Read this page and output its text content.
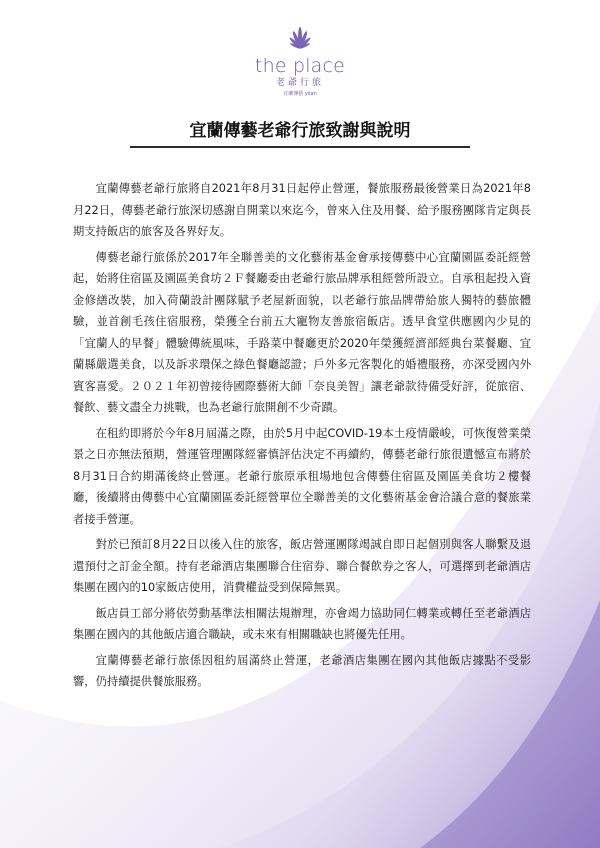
the place
老爺行旅
宜蘭傳藝 yilan
宜蘭傳藝老爺行旅致謝與說明

宜蘭傳藝老爺行旅將自2021年8月31日起停止營運，餐旅服務最後營業日為2021年8月22日，傳藝老爺行旅深切感謝自開業以來迄今，曾來入住及用餐、給予服務團隊肯定與長期支持飯店的旅客及各界好友。

傳藝老爺行旅係於2017年全聯善美的文化藝術基金會承接傳藝中心宜蘭園區委託經營起，始將住宿區及園區美食坊２Ｆ餐廳委由老爺行旅品牌承租經營所設立。自承租起投入資金修繕改裝，加入荷蘭設計團隊賦予老屋新面貌，以老爺行旅品牌帶給旅人獨特的藝旅體驗，並首創毛孩住宿服務，榮獲全台前五大寵物友善旅宿飯店。透早食堂供應國內少見的「宜蘭人的早餐」體驗傳統風味，手路菜中餐廳更於2020年榮獲經濟部經典台菜餐廳、宜蘭縣嚴選美食，以及訴求環保之綠色餐廳認證；戶外多元客製化的婚禮服務，亦深受國內外賓客喜愛。２０２１年初曾接待國際藝術大師「奈良美智」讓老爺款待備受好評，從旅宿、餐飲、藝文盡全力挑戰，也為老爺行旅開創不少奇蹟。

在租約即將於今年8月屆滿之際，由於5月中起COVID-19本土疫情嚴峻，可恢復營業榮景之日亦無法預期，營運管理團隊經審慎評估決定不再續約，傳藝老爺行旅很遺憾宣布將於8月31日合約期滿後終止營運。老爺行旅原承租場地包含傳藝住宿區及園區美食坊２樓餐廳，後續將由傳藝中心宜蘭園區委託經營單位全聯善美的文化藝術基金會洽議合意的餐旅業者接手營運。

對於已預訂8月22日以後入住的旅客，飯店營運團隊竭誠自即日起個別與客人聯繫及退還預付之訂金全額。持有老爺酒店集團聯合住宿券、聯合餐飲券之客人，可選擇到老爺酒店集團在國內的10家飯店使用，消費權益受到保障無異。

飯店員工部分將依勞動基準法相關法規辦理，亦會竭力協助同仁轉業或轉任至老爺酒店集團在國內的其他飯店適合職缺，或未來有相關職缺也將優先任用。

宜蘭傳藝老爺行旅係因租約屆滿終止營運，老爺酒店集團在國內其他飯店據點不受影響，仍持續提供餐旅服務。
